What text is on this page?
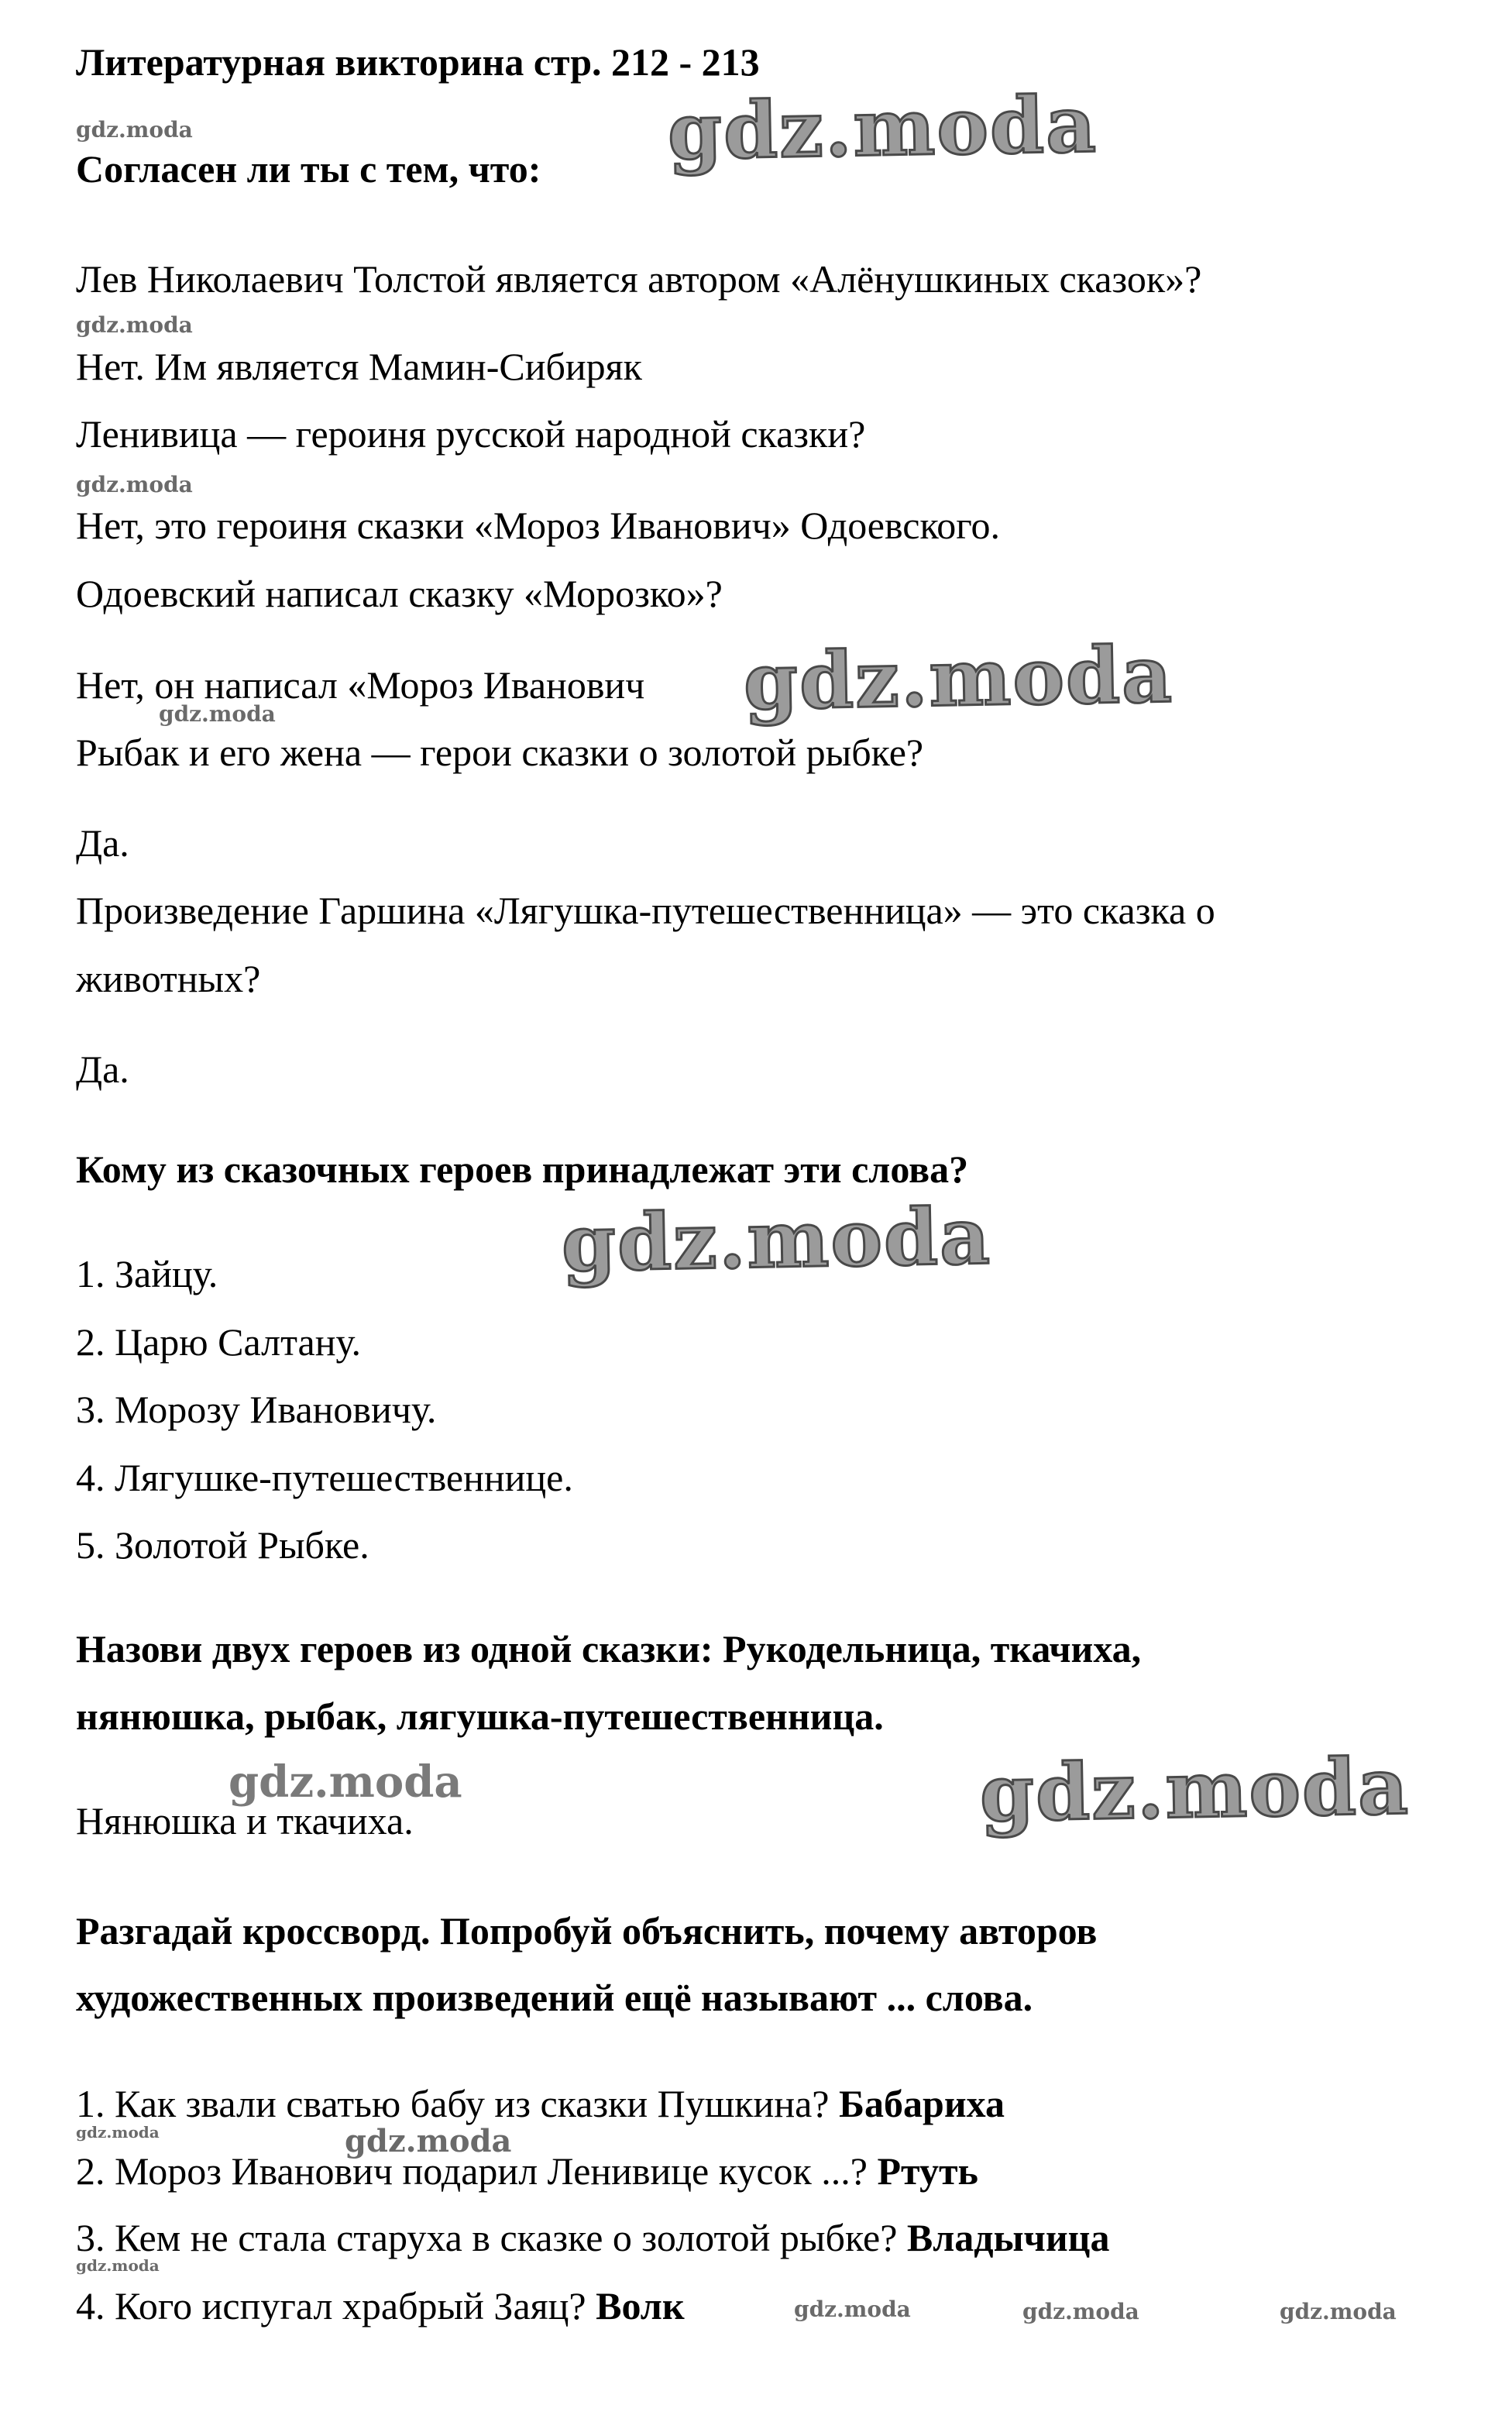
Литературная викторина стр. 212 - 213
Согласен ли ты с тем, что:
Лев Николаевич Толстой является автором «Алёнушкиных сказок»?
Нет. Им является Мамин-Сибиряк
Ленивица — героиня русской народной сказки?
Нет, это героиня сказки «Мороз Иванович» Одоевского.
Одоевский написал сказку «Морозко»?
Нет, он написал «Мороз Иванович
Рыбак и его жена — герои сказки о золотой рыбке?
Да.
Произведение Гаршина «Лягушка-путешественница» — это сказка о
животных?
Да.
Кому из сказочных героев принадлежат эти слова?
1. Зайцу.
2. Царю Салтану.
3. Морозу Ивановичу.
4. Лягушке-путешественнице.
5. Золотой Рыбке.
Назови двух героев из одной сказки: Рукодельница, ткачиха,
нянюшка, рыбак, лягушка-путешественница.
Нянюшка и ткачиха.
Разгадай кроссворд. Попробуй объяснить, почему авторов
художественных произведений ещё называют ... слова.
1. Как звали сватью бабу из сказки Пушкина? Бабариха
2. Мороз Иванович подарил Ленивице кусок ...? Ртуть
3. Кем не стала старуха в сказке о золотой рыбке? Владычица
4. Кого испугал храбрый Заяц? Волк
gdz.moda
gdz.moda
gdz.moda
gdz.moda
gdz.moda
gdz.moda
gdz.moda
gdz.moda
gdz.moda
gdz.moda
gdz.moda
gdz.moda
gdz.moda	gdz.moda	gdz.moda
